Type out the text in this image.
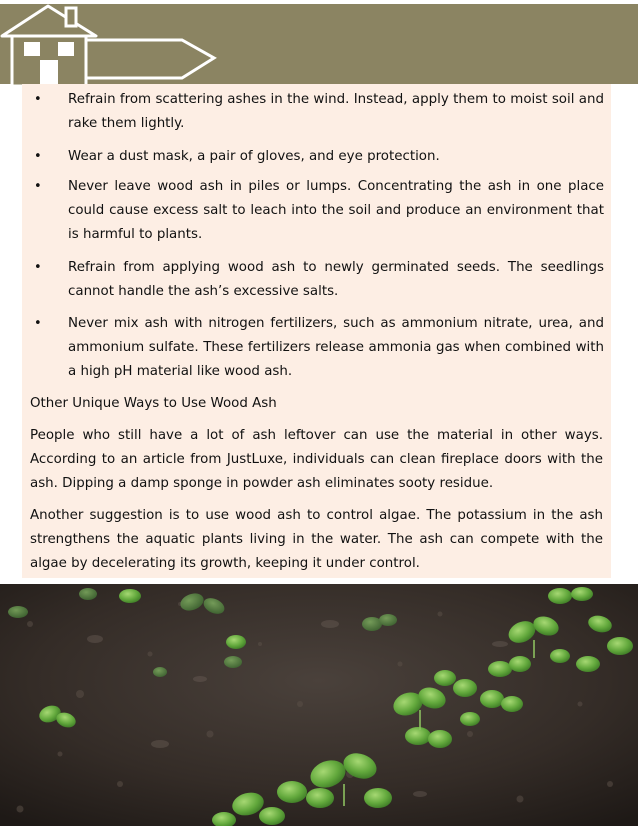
• Refrain from scattering ashes in the wind. Instead, apply them to moist soil and rake them lightly.
• Wear a dust mask, a pair of gloves, and eye protection.
• Never leave wood ash in piles or lumps. Concentrating the ash in one place could cause excess salt to leach into the soil and produce an environment that is harmful to plants.
• Refrain from applying wood ash to newly germinated seeds. The seedlings cannot handle the ash’s excessive salts.
• Never mix ash with nitrogen fertilizers, such as ammonium nitrate, urea, and ammonium sulfate. These fertilizers release ammonia gas when combined with a high pH material like wood ash.
Other Unique Ways to Use Wood Ash
People who still have a lot of ash leftover can use the material in other ways. According to an article from JustLuxe, individuals can clean fireplace doors with the ash. Dipping a damp sponge in powder ash eliminates sooty residue.
Another suggestion is to use wood ash to control algae. The potassium in the ash strengthens the aquatic plants living in the water. The ash can compete with the algae by decelerating its growth, keeping it under control.
